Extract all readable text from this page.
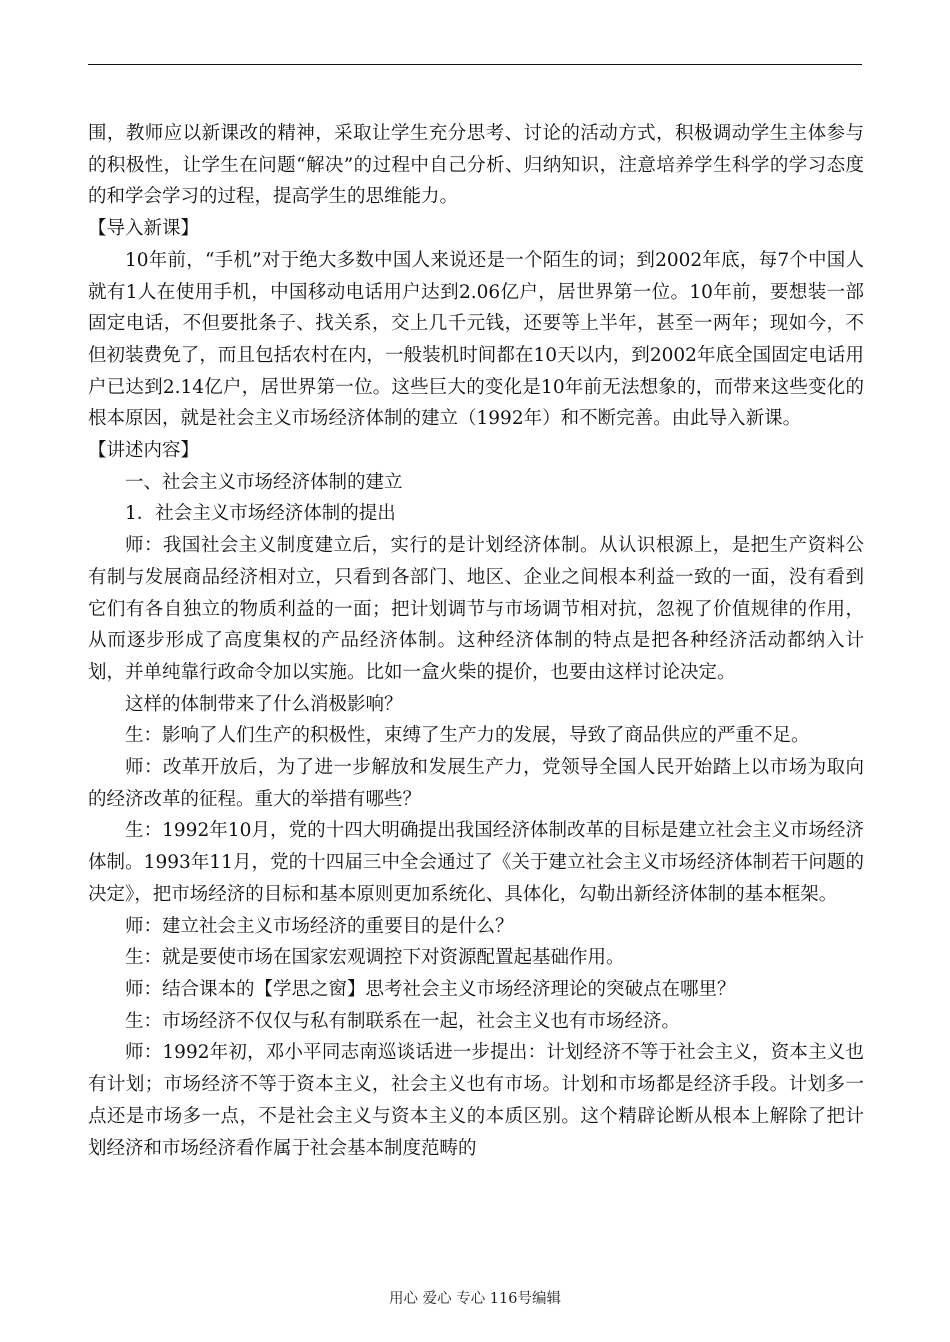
围，教师应以新课改的精神，采取让学生充分思考、讨论的活动方式，积极调动学生主体参与的积极性，让学生在问题“解决”的过程中自己分析、归纳知识，注意培养学生科学的学习态度的和学会学习的过程，提高学生的思维能力。

【导入新课】

10年前，“手机”对于绝大多数中国人来说还是一个陌生的词；到2002年底，每7个中国人就有1人在使用手机，中国移动电话用户达到2.06亿户，居世界第一位。10年前，要想装一部固定电话，不但要批条子、找关系，交上几千元钱，还要等上半年，甚至一两年；现如今，不但初装费免了，而且包括农村在内，一般装机时间都在10天以内，到2002年底全国固定电话用户已达到2.14亿户，居世界第一位。这些巨大的变化是10年前无法想象的，而带来这些变化的根本原因，就是社会主义市场经济体制的建立（1992年）和不断完善。由此导入新课。

【讲述内容】

一、社会主义市场经济体制的建立

1．社会主义市场经济体制的提出

师：我国社会主义制度建立后，实行的是计划经济体制。从认识根源上，是把生产资料公有制与发展商品经济相对立，只看到各部门、地区、企业之间根本利益一致的一面，没有看到它们有各自独立的物质利益的一面；把计划调节与市场调节相对抗，忽视了价值规律的作用，从而逐步形成了高度集权的产品经济体制。这种经济体制的特点是把各种经济活动都纳入计划，并单纯靠行政命令加以实施。比如一盒火柴的提价，也要由这样讨论决定。

这样的体制带来了什么消极影响？

生：影响了人们生产的积极性，束缚了生产力的发展，导致了商品供应的严重不足。

师：改革开放后，为了进一步解放和发展生产力，党领导全国人民开始踏上以市场为取向的经济改革的征程。重大的举措有哪些？

生：1992年10月，党的十四大明确提出我国经济体制改革的目标是建立社会主义市场经济体制。1993年11月，党的十四届三中全会通过了《关于建立社会主义市场经济体制若干问题的决定》，把市场经济的目标和基本原则更加系统化、具体化，勾勒出新经济体制的基本框架。

师：建立社会主义市场经济的重要目的是什么？

生：就是要使市场在国家宏观调控下对资源配置起基础作用。

师：结合课本的【学思之窗】思考社会主义市场经济理论的突破点在哪里？

生：市场经济不仅仅与私有制联系在一起，社会主义也有市场经济。

师：1992年初，邓小平同志南巡谈话进一步提出：计划经济不等于社会主义，资本主义也有计划；市场经济不等于资本主义，社会主义也有市场。计划和市场都是经济手段。计划多一点还是市场多一点，不是社会主义与资本主义的本质区别。这个精辟论断从根本上解除了把计划经济和市场经济看作属于社会基本制度范畴的

用心 爱心 专心 116号编辑
